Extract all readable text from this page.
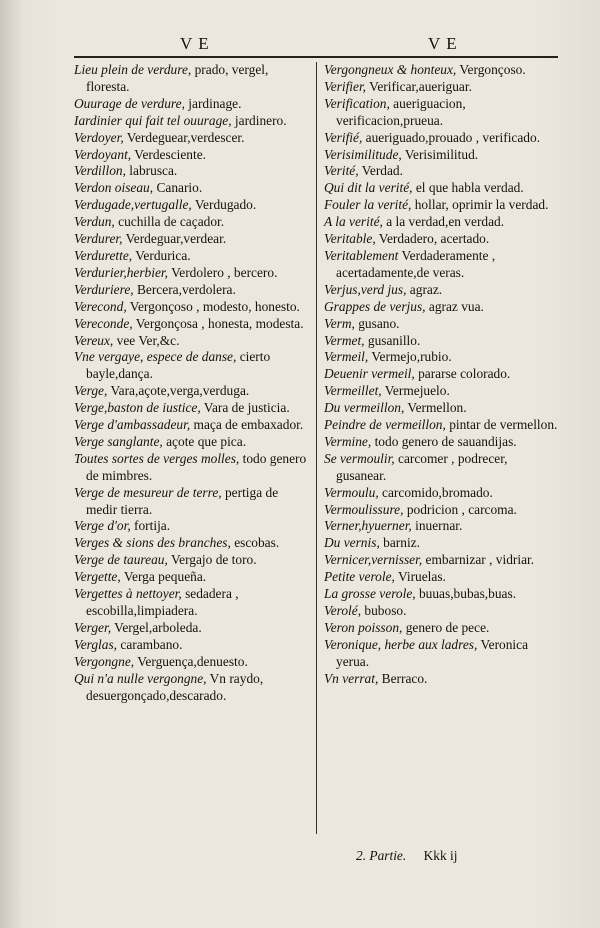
VE	VE

Lieu plein de verdure, prado, vergel, floresta.

Ouurage de verdure, jardinage.

Iardinier qui fait tel ouurage, jardinero.

Verdoyer, Verdeguear,verdescer.

Verdoyant, Verdesciente.

Verdillon, labrusca.

Verdon oiseau, Canario.

Verdugade,vertugalle, Verdugado.

Verdun, cuchilla de caçador.

Verdurer, Verdeguar,verdear.

Verdurette, Verdurica.

Verdurier,herbier, Verdolero , bercero.

Verduriere, Bercera,verdolera.

Verecond, Vergonçoso , modesto, honesto.

Vereconde, Vergonçosa , honesta, modesta.

Vereux, vee Ver,&c.

Vne vergaye, espece de danse, cierto bayle,dança.

Verge, Vara,açote,verga,verduga.

Verge,baston de iustice, Vara de justicia.

Verge d'ambassadeur, maça de embaxador.

Verge sanglante, açote que pica.

Toutes sortes de verges molles, todo genero de mimbres.

Verge de mesureur de terre, pertiga de medir tierra.

Verge d'or, fortija.

Verges & sions des branches, escobas.

Verge de taureau, Vergajo de toro.

Vergette, Verga pequeña.

Vergettes à nettoyer, sedadera , escobilla,limpiadera.

Verger, Vergel,arboleda.

Verglas, carambano.

Vergongne, Verguença,denuesto.

Qui n'a nulle vergongne, Vn raydo, desuergonçado,descarado.

Vergongneux & honteux, Vergonçoso.

Verifier, Verificar,aueriguar.

Verification, aueriguacion, verificacion,prueua.

Verifié, aueriguado,prouado , verificado.

Verisimilitude, Verisimilitud.

Verité, Verdad.

Qui dit la verité, el que habla verdad.

Fouler la verité, hollar, oprimir la verdad.

A la verité, a la verdad,en verdad.

Veritable, Verdadero, acertado.

Veritablement Verdaderamente , acertadamente,de veras.

Verjus,verd jus, agraz.

Grappes de verjus, agraz vua.

Verm, gusano.

Vermet, gusanillo.

Vermeil, Vermejo,rubio.

Deuenir vermeil, pararse colorado.

Vermeillet, Vermejuelo.

Du vermeillon, Vermellon.

Peindre de vermeillon, pintar de vermellon.

Vermine, todo genero de sauandijas.

Se vermoulir, carcomer , podrecer, gusanear.

Vermoulu, carcomido,bromado.

Vermoulissure, podricion , carcoma.

Verner,hyuerner, inuernar.

Du vernis, barniz.

Vernicer,vernisser, embarnizar , vidriar.

Petite verole, Viruelas.

La grosse verole, buuas,bubas,buas.

Verolé, buboso.

Veron poisson, genero de pece.

Veronique, herbe aux ladres, Veronica yerua.

Vn verrat, Berraco.

2. Partie. Kkk ij
